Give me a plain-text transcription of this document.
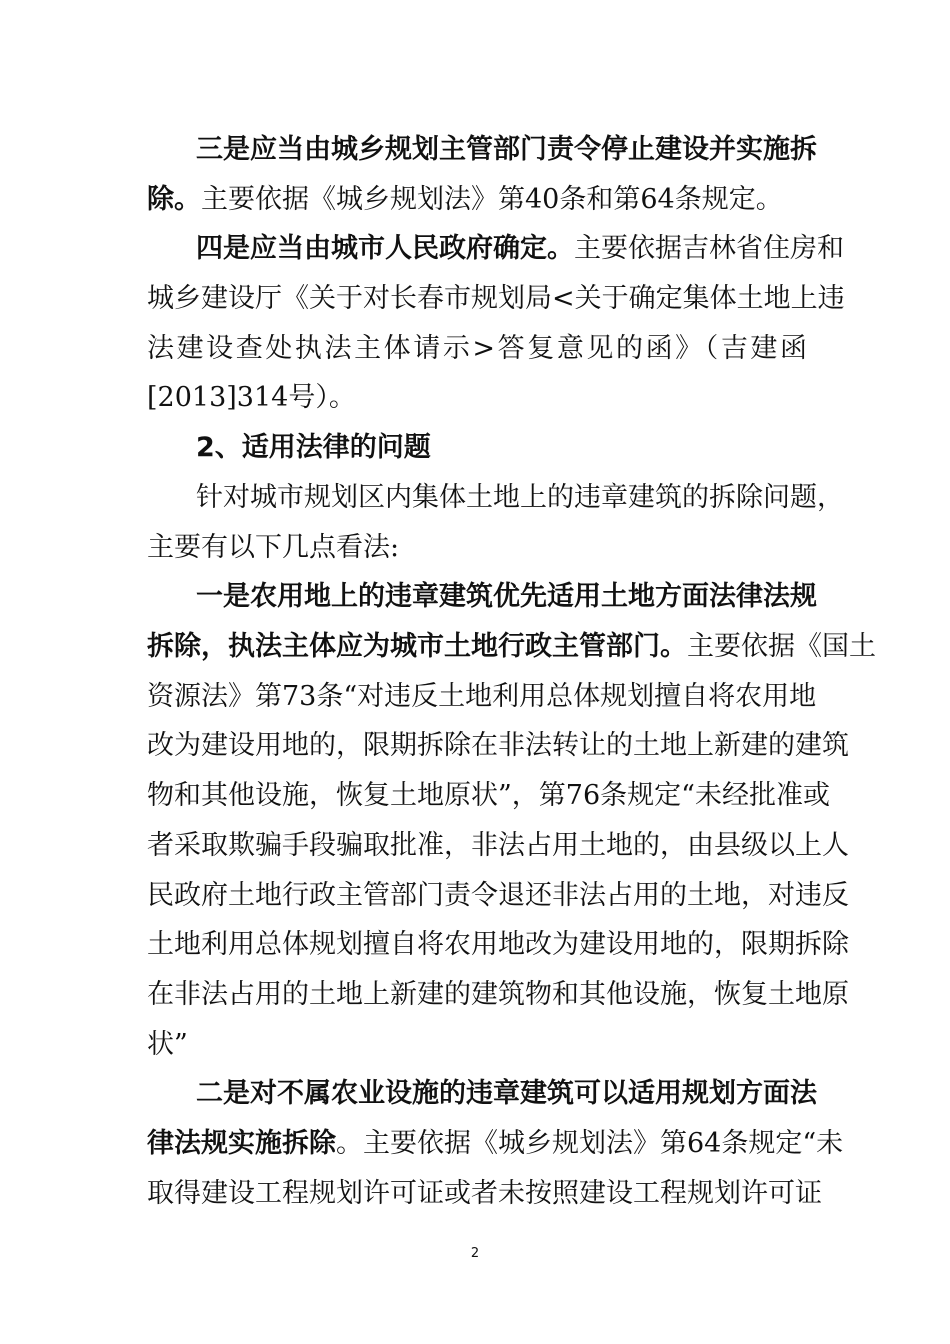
三是应当由城乡规划主管部门责令停止建设并实施拆
除。主要依据《城乡规划法》第40条和第64条规定。
四是应当由城市人民政府确定。主要依据吉林省住房和
城乡建设厅《关于对长春市规划局<关于确定集体土地上违
法建设查处执法主体请示>答复意见的函》（吉建函
[2013]314号）。
2、适用法律的问题
针对城市规划区内集体土地上的违章建筑的拆除问题，
主要有以下几点看法:
一是农用地上的违章建筑优先适用土地方面法律法规
拆除，执法主体应为城市土地行政主管部门。主要依据《国土
资源法》第73条“对违反土地利用总体规划擅自将农用地
改为建设用地的，限期拆除在非法转让的土地上新建的建筑
物和其他设施，恢复土地原状”，第76条规定“未经批准或
者采取欺骗手段骗取批准，非法占用土地的，由县级以上人
民政府土地行政主管部门责令退还非法占用的土地，对违反
土地利用总体规划擅自将农用地改为建设用地的，限期拆除
在非法占用的土地上新建的建筑物和其他设施，恢复土地原
状”
二是对不属农业设施的违章建筑可以适用规划方面法
律法规实施拆除。主要依据《城乡规划法》第64条规定“未
取得建设工程规划许可证或者未按照建设工程规划许可证
2
